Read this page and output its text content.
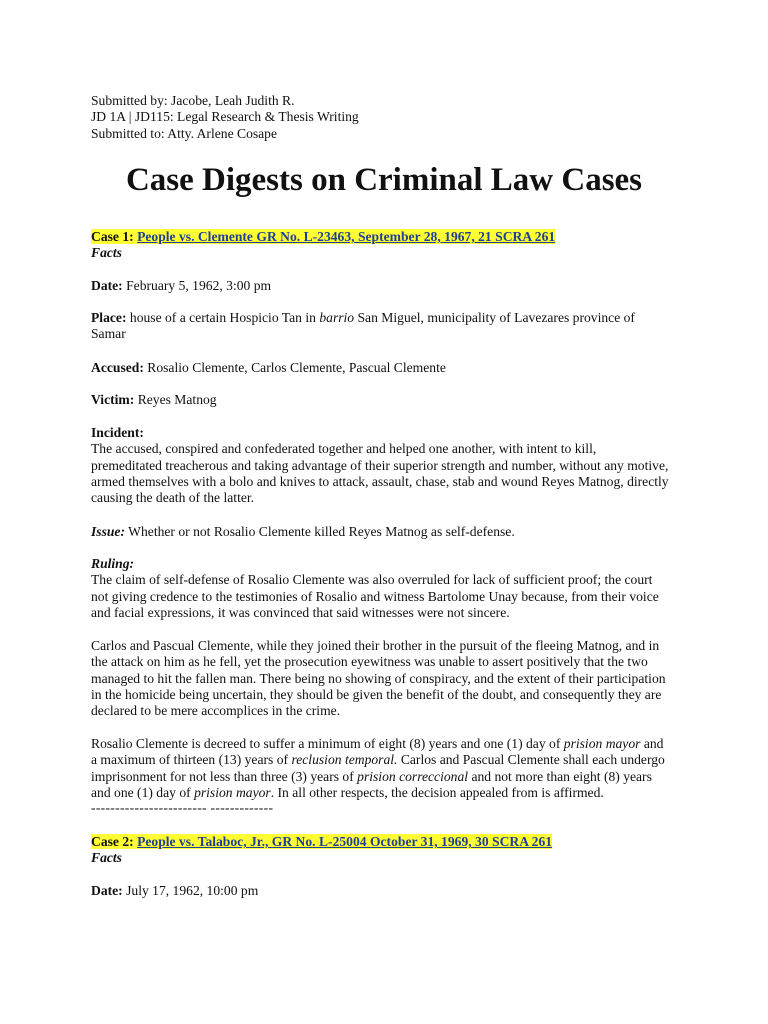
Submitted by: Jacobe, Leah Judith R.
JD 1A | JD115: Legal Research & Thesis Writing
Submitted to: Atty. Arlene Cosape
Case Digests on Criminal Law Cases
Case 1: People vs. Clemente GR No. L-23463, September 28, 1967, 21 SCRA 261
Facts
Date: February 5, 1962, 3:00 pm
Place: house of a certain Hospicio Tan in barrio San Miguel, municipality of Lavezares province of
Samar
Accused: Rosalio Clemente, Carlos Clemente, Pascual Clemente
Victim: Reyes Matnog
Incident:
The accused, conspired and confederated together and helped one another, with intent to kill,
premeditated treacherous and taking advantage of their superior strength and number, without any motive,
armed themselves with a bolo and knives to attack, assault, chase, stab and wound Reyes Matnog, directly
causing the death of the latter.
Issue: Whether or not Rosalio Clemente killed Reyes Matnog as self-defense.
Ruling:
The claim of self-defense of Rosalio Clemente was also overruled for lack of sufficient proof; the court
not giving credence to the testimonies of Rosalio and witness Bartolome Unay because, from their voice
and facial expressions, it was convinced that said witnesses were not sincere.
Carlos and Pascual Clemente, while they joined their brother in the pursuit of the fleeing Matnog, and in
the attack on him as he fell, yet the prosecution eyewitness was unable to assert positively that the two
managed to hit the fallen man. There being no showing of conspiracy, and the extent of their participation
in the homicide being uncertain, they should be given the benefit of the doubt, and consequently they are
declared to be mere accomplices in the crime.
Rosalio Clemente is decreed to suffer a minimum of eight (8) years and one (1) day of prision mayor and
a maximum of thirteen (13) years of reclusion temporal. Carlos and Pascual Clemente shall each undergo
imprisonment for not less than three (3) years of prision correccional and not more than eight (8) years
and one (1) day of prision mayor. In all other respects, the decision appealed from is affirmed.
------------------------ -------------
Case 2: People vs. Talaboc, Jr., GR No. L-25004 October 31, 1969, 30 SCRA 261
Facts
Date: July 17, 1962, 10:00 pm
